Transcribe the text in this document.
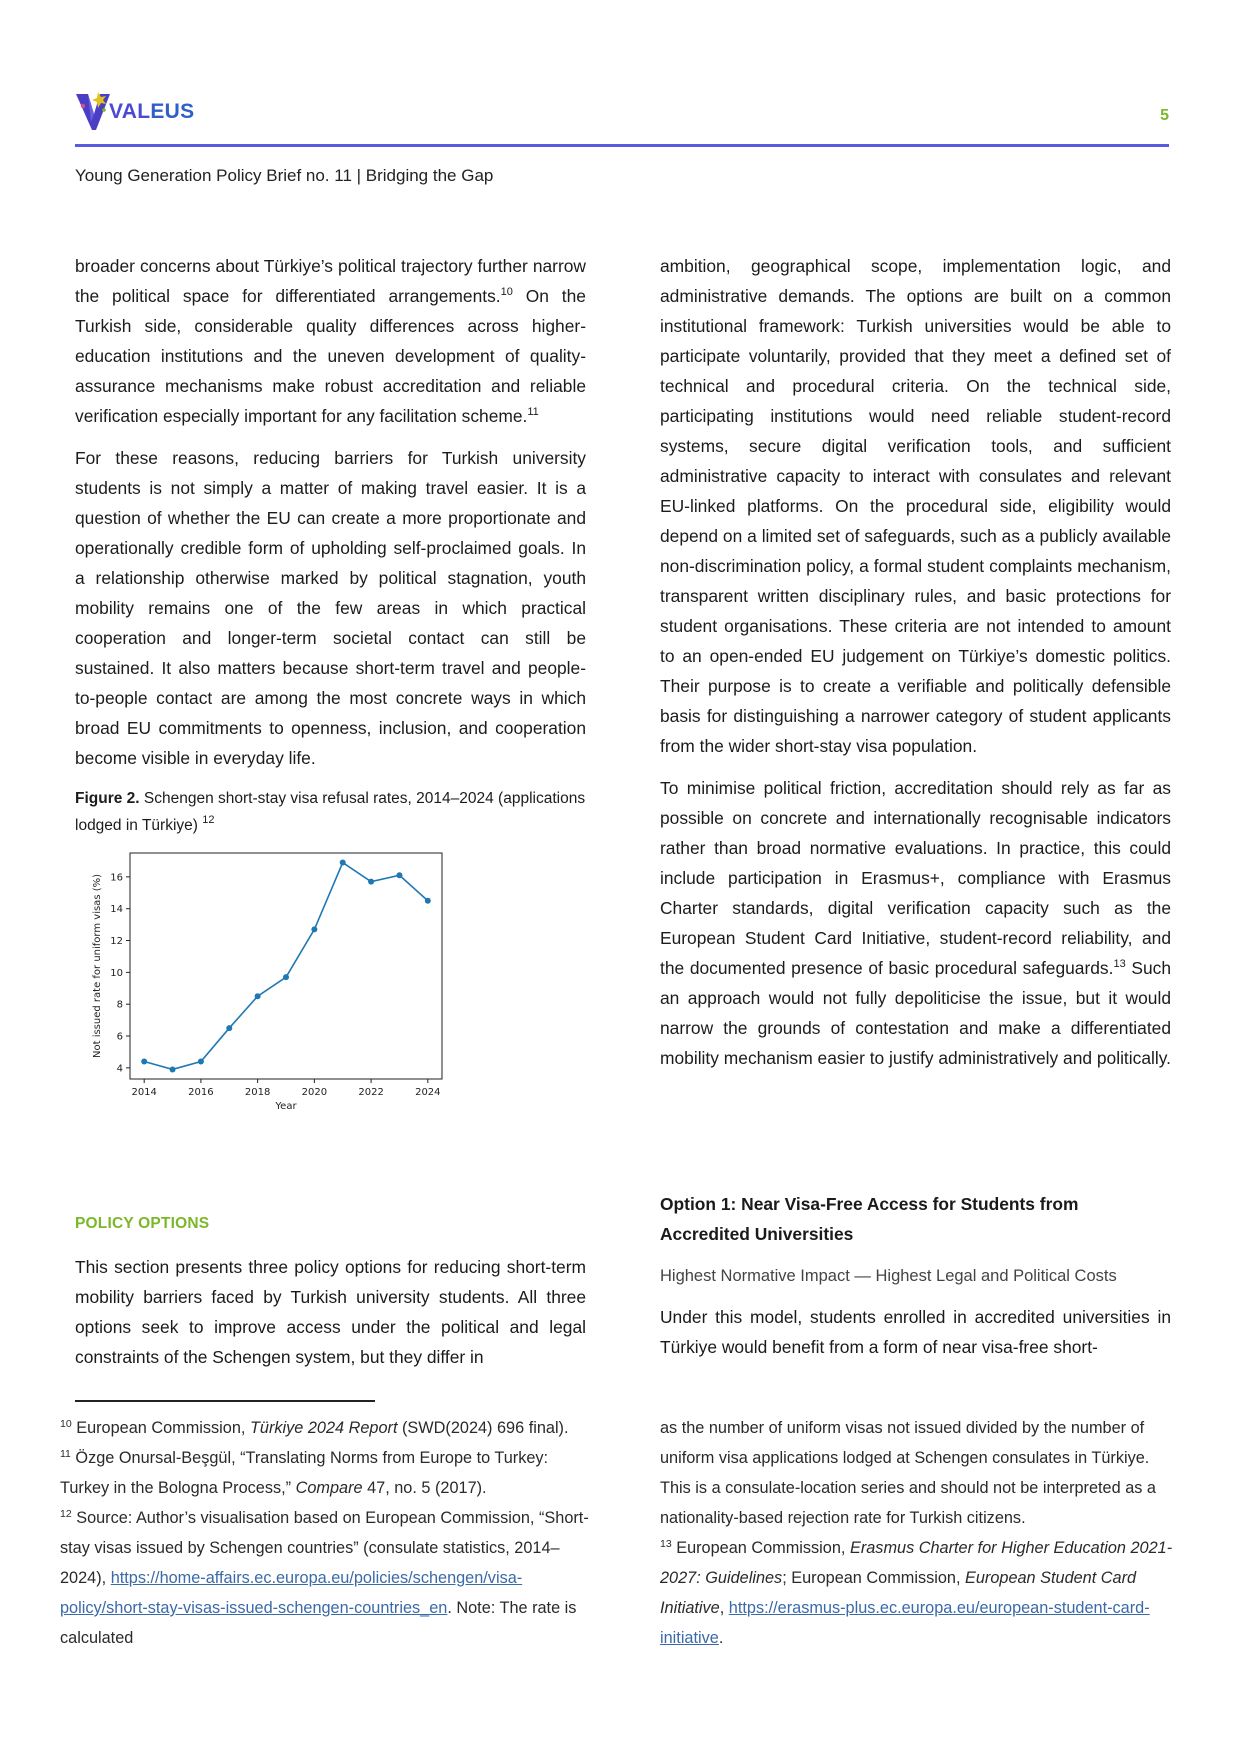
VALEUS	5
Young Generation Policy Brief no. 11 | Bridging the Gap

broader concerns about Türkiye’s political trajectory further narrow the political space for differentiated arrangements.$^{10}$ On the Turkish side, considerable quality differences across higher-education institutions and the uneven development of quality-assurance mechanisms make robust accreditation and reliable verification especially important for any facilitation scheme.$^{11}$

For these reasons, reducing barriers for Turkish university students is not simply a matter of making travel easier. It is a question of whether the EU can create a more proportionate and operationally credible form of upholding self-proclaimed goals. In a relationship otherwise marked by political stagnation, youth mobility remains one of the few areas in which practical cooperation and longer-term societal contact can still be sustained. It also matters because short-term travel and people-to-people contact are among the most concrete ways in which broad EU commitments to openness, inclusion, and cooperation become visible in everyday life.

Figure 2. Schengen short-stay visa refusal rates, 2014–2024 (applications lodged in Türkiye) $^{12}$
2014	2016	2018	2020	2022	2024
4
6
8
10
12
14
16
Year
Not issued rate for uniform visas (%)
POLICY OPTIONS
This section presents three policy options for reducing short-term mobility barriers faced by Turkish university students. All three options seek to improve access under the political and legal constraints of the Schengen system, but they differ in

ambition, geographical scope, implementation logic, and administrative demands. The options are built on a common institutional framework: Turkish universities would be able to participate voluntarily, provided that they meet a defined set of technical and procedural criteria. On the technical side, participating institutions would need reliable student-record systems, secure digital verification tools, and sufficient administrative capacity to interact with consulates and relevant EU-linked platforms. On the procedural side, eligibility would depend on a limited set of safeguards, such as a publicly available non-discrimination policy, a formal student complaints mechanism, transparent written disciplinary rules, and basic protections for student organisations. These criteria are not intended to amount to an open-ended EU judgement on Türkiye’s domestic politics. Their purpose is to create a verifiable and politically defensible basis for distinguishing a narrower category of student applicants from the wider short-stay visa population.

To minimise political friction, accreditation should rely as far as possible on concrete and internationally recognisable indicators rather than broad normative evaluations. In practice, this could include participation in Erasmus+, compliance with Erasmus Charter standards, digital verification capacity such as the European Student Card Initiative, student-record reliability, and the documented presence of basic procedural safeguards.$^{13}$ Such an approach would not fully depoliticise the issue, but it would narrow the grounds of contestation and make a differentiated mobility mechanism easier to justify administratively and politically.

Option 1: Near Visa-Free Access for Students from Accredited Universities
Highest Normative Impact — Highest Legal and Political Costs
Under this model, students enrolled in accredited universities in Türkiye would benefit from a form of near visa-free short-
$^{10}$ European Commission, Türkiye 2024 Report (SWD(2024) 696 final).
$^{11}$ Özge Onursal-Beşgül, “Translating Norms from Europe to Turkey: Turkey in the Bologna Process,” Compare 47, no. 5 (2017).
$^{12}$ Source: Author’s visualisation based on European Commission, “Short-stay visas issued by Schengen countries” (consulate statistics, 2014–2024), https://home-affairs.ec.europa.eu/policies/schengen/visa-policy/short-stay-visas-issued-schengen-countries_en. Note: The rate is calculated
as the number of uniform visas not issued divided by the number of uniform visa applications lodged at Schengen consulates in Türkiye. This is a consulate-location series and should not be interpreted as a nationality-based rejection rate for Turkish citizens.
$^{13}$ European Commission, Erasmus Charter for Higher Education 2021-2027: Guidelines; European Commission, European Student Card Initiative, https://erasmus-plus.ec.europa.eu/european-student-card-initiative.
